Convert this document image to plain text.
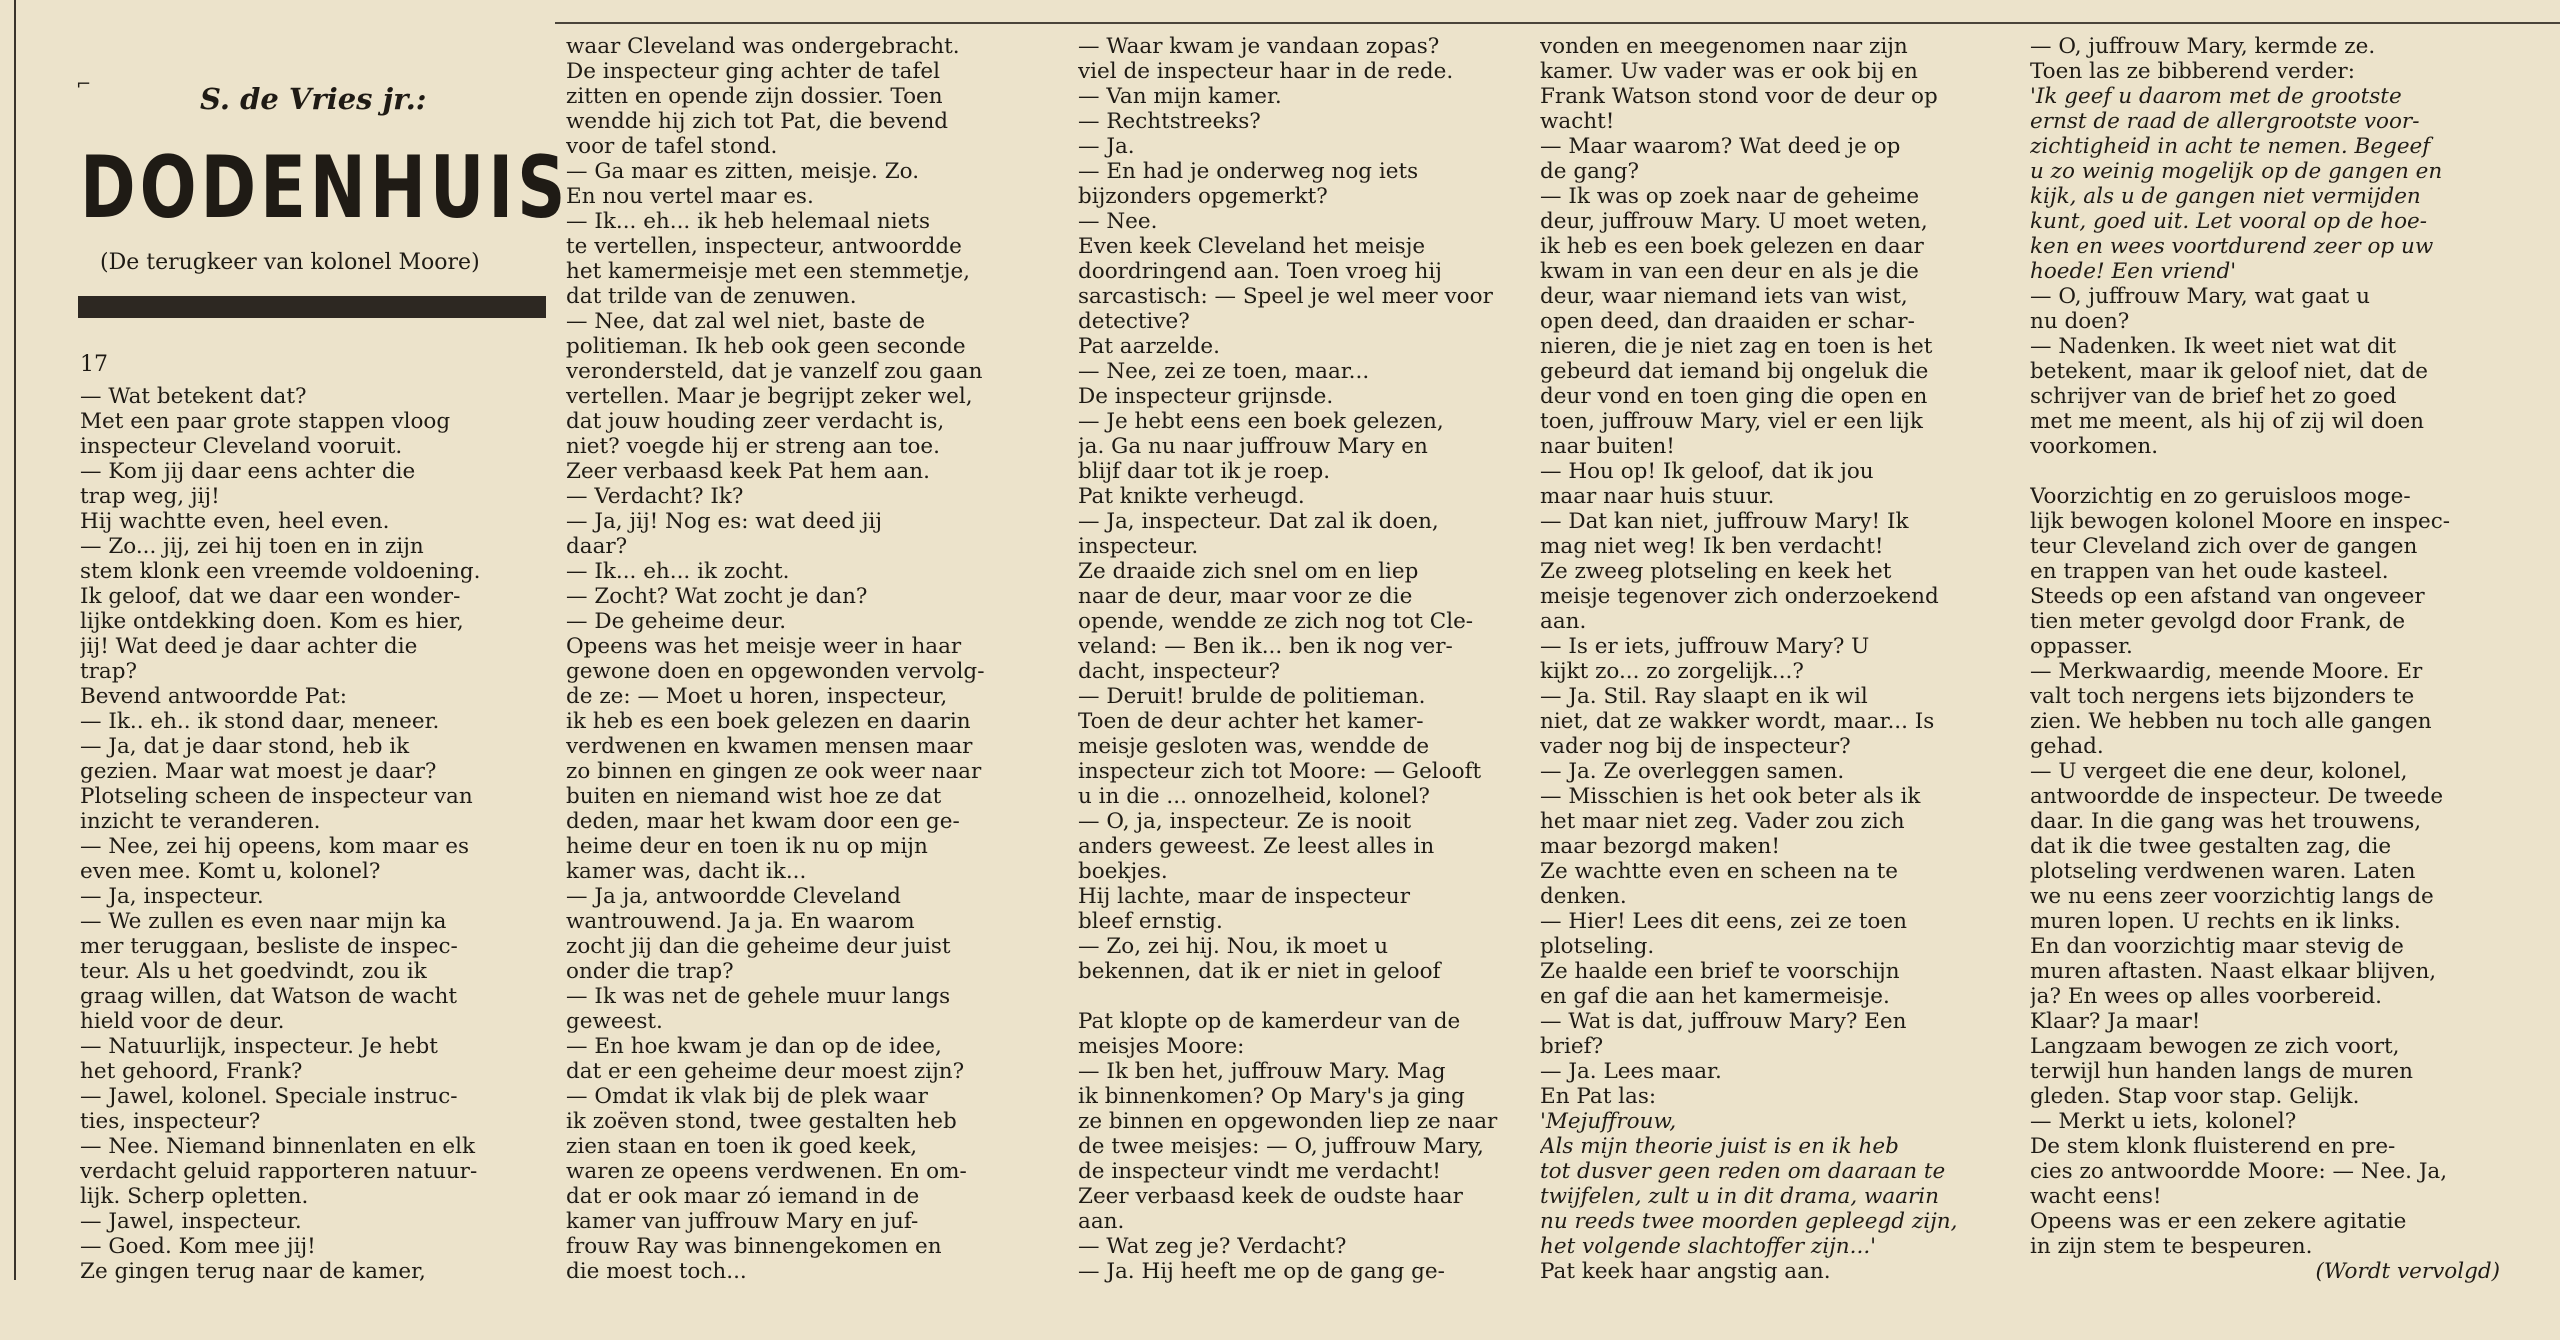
⌐	S. de Vries jr.:
DODENHUIS
(De terugkeer van kolonel Moore)
17

— Wat betekent dat?

Met een paar grote stappen vloog

inspecteur Cleveland vooruit.

— Kom jij daar eens achter die

trap weg, jij!

Hij wachtte even, heel even.

— Zo... jij, zei hij toen en in zijn

stem klonk een vreemde voldoening.

Ik geloof, dat we daar een wonder-

lijke ontdekking doen. Kom es hier,

jij! Wat deed je daar achter die

trap?

Bevend antwoordde Pat:

— Ik.. eh.. ik stond daar, meneer.

— Ja, dat je daar stond, heb ik

gezien. Maar wat moest je daar?

Plotseling scheen de inspecteur van

inzicht te veranderen.

— Nee, zei hij opeens, kom maar es

even mee. Komt u, kolonel?

— Ja, inspecteur.

— We zullen es even naar mijn ka

mer teruggaan, besliste de inspec-

teur. Als u het goedvindt, zou ik

graag willen, dat Watson de wacht

hield voor de deur.

— Natuurlijk, inspecteur. Je hebt

het gehoord, Frank?

— Jawel, kolonel. Speciale instruc-

ties, inspecteur?

— Nee. Niemand binnenlaten en elk

verdacht geluid rapporteren natuur-

lijk. Scherp opletten.

— Jawel, inspecteur.

— Goed. Kom mee jij!

Ze gingen terug naar de kamer,

waar Cleveland was ondergebracht.

De inspecteur ging achter de tafel

zitten en opende zijn dossier. Toen

wendde hij zich tot Pat, die bevend

voor de tafel stond.

— Ga maar es zitten, meisje. Zo.

En nou vertel maar es.

— Ik... eh... ik heb helemaal niets

te vertellen, inspecteur, antwoordde

het kamermeisje met een stemmetje,

dat trilde van de zenuwen.

— Nee, dat zal wel niet, baste de

politieman. Ik heb ook geen seconde

verondersteld, dat je vanzelf zou gaan

vertellen. Maar je begrijpt zeker wel,

dat jouw houding zeer verdacht is,

niet? voegde hij er streng aan toe.

Zeer verbaasd keek Pat hem aan.

— Verdacht? Ik?

— Ja, jij! Nog es: wat deed jij

daar?

— Ik... eh... ik zocht.

— Zocht? Wat zocht je dan?

— De geheime deur.

Opeens was het meisje weer in haar

gewone doen en opgewonden vervolg-

de ze: — Moet u horen, inspecteur,

ik heb es een boek gelezen en daarin

verdwenen en kwamen mensen maar

zo binnen en gingen ze ook weer naar

buiten en niemand wist hoe ze dat

deden, maar het kwam door een ge-

heime deur en toen ik nu op mijn

kamer was, dacht ik...

— Ja ja, antwoordde Cleveland

wantrouwend. Ja ja. En waarom

zocht jij dan die geheime deur juist

onder die trap?

— Ik was net de gehele muur langs

geweest.

— En hoe kwam je dan op de idee,

dat er een geheime deur moest zijn?

— Omdat ik vlak bij de plek waar

ik zoëven stond, twee gestalten heb

zien staan en toen ik goed keek,

waren ze opeens verdwenen. En om-

dat er ook maar zó iemand in de

kamer van juffrouw Mary en juf-

frouw Ray was binnengekomen en

die moest toch...

— Waar kwam je vandaan zopas?

viel de inspecteur haar in de rede.

— Van mijn kamer.

— Rechtstreeks?

— Ja.

— En had je onderweg nog iets

bijzonders opgemerkt?

— Nee.

Even keek Cleveland het meisje

doordringend aan. Toen vroeg hij

sarcastisch: — Speel je wel meer voor

detective?

Pat aarzelde.

— Nee, zei ze toen, maar...

De inspecteur grijnsde.

— Je hebt eens een boek gelezen,

ja. Ga nu naar juffrouw Mary en

blijf daar tot ik je roep.

Pat knikte verheugd.

— Ja, inspecteur. Dat zal ik doen,

inspecteur.

Ze draaide zich snel om en liep

naar de deur, maar voor ze die

opende, wendde ze zich nog tot Cle-

veland: — Ben ik... ben ik nog ver-

dacht, inspecteur?

— Deruit! brulde de politieman.

Toen de deur achter het kamer-

meisje gesloten was, wendde de

inspecteur zich tot Moore: — Gelooft

u in die ... onnozelheid, kolonel?

— O, ja, inspecteur. Ze is nooit

anders geweest. Ze leest alles in

boekjes.

Hij lachte, maar de inspecteur

bleef ernstig.

— Zo, zei hij. Nou, ik moet u

bekennen, dat ik er niet in geloof

Pat klopte op de kamerdeur van de

meisjes Moore:

— Ik ben het, juffrouw Mary. Mag

ik binnenkomen? Op Mary's ja ging

ze binnen en opgewonden liep ze naar

de twee meisjes: — O, juffrouw Mary,

de inspecteur vindt me verdacht!

Zeer verbaasd keek de oudste haar

aan.

— Wat zeg je? Verdacht?

— Ja. Hij heeft me op de gang ge-

vonden en meegenomen naar zijn

kamer. Uw vader was er ook bij en

Frank Watson stond voor de deur op

wacht!

— Maar waarom? Wat deed je op

de gang?

— Ik was op zoek naar de geheime

deur, juffrouw Mary. U moet weten,

ik heb es een boek gelezen en daar

kwam in van een deur en als je die

deur, waar niemand iets van wist,

open deed, dan draaiden er schar-

nieren, die je niet zag en toen is het

gebeurd dat iemand bij ongeluk die

deur vond en toen ging die open en

toen, juffrouw Mary, viel er een lijk

naar buiten!

— Hou op! Ik geloof, dat ik jou

maar naar huis stuur.

— Dat kan niet, juffrouw Mary! Ik

mag niet weg! Ik ben verdacht!

Ze zweeg plotseling en keek het

meisje tegenover zich onderzoekend

aan.

— Is er iets, juffrouw Mary? U

kijkt zo... zo zorgelijk...?

— Ja. Stil. Ray slaapt en ik wil

niet, dat ze wakker wordt, maar... Is

vader nog bij de inspecteur?

— Ja. Ze overleggen samen.

— Misschien is het ook beter als ik

het maar niet zeg. Vader zou zich

maar bezorgd maken!

Ze wachtte even en scheen na te

denken.

— Hier! Lees dit eens, zei ze toen

plotseling.

Ze haalde een brief te voorschijn

en gaf die aan het kamermeisje.

— Wat is dat, juffrouw Mary? Een

brief?

— Ja. Lees maar.

En Pat las:

'Mejuffrouw,

Als mijn theorie juist is en ik heb

tot dusver geen reden om daaraan te

twijfelen, zult u in dit drama, waarin

nu reeds twee moorden gepleegd zijn,

het volgende slachtoffer zijn...'

Pat keek haar angstig aan.

— O, juffrouw Mary, kermde ze.

Toen las ze bibberend verder:

'Ik geef u daarom met de grootste

ernst de raad de allergrootste voor-

zichtigheid in acht te nemen. Begeef

u zo weinig mogelijk op de gangen en

kijk, als u de gangen niet vermijden

kunt, goed uit. Let vooral op de hoe-

ken en wees voortdurend zeer op uw

hoede! Een vriend'

— O, juffrouw Mary, wat gaat u

nu doen?

— Nadenken. Ik weet niet wat dit

betekent, maar ik geloof niet, dat de

schrijver van de brief het zo goed

met me meent, als hij of zij wil doen

voorkomen.

Voorzichtig en zo geruisloos moge-

lijk bewogen kolonel Moore en inspec-

teur Cleveland zich over de gangen

en trappen van het oude kasteel.

Steeds op een afstand van ongeveer

tien meter gevolgd door Frank, de

oppasser.

— Merkwaardig, meende Moore. Er

valt toch nergens iets bijzonders te

zien. We hebben nu toch alle gangen

gehad.

— U vergeet die ene deur, kolonel,

antwoordde de inspecteur. De tweede

daar. In die gang was het trouwens,

dat ik die twee gestalten zag, die

plotseling verdwenen waren. Laten

we nu eens zeer voorzichtig langs de

muren lopen. U rechts en ik links.

En dan voorzichtig maar stevig de

muren aftasten. Naast elkaar blijven,

ja? En wees op alles voorbereid.

Klaar? Ja maar!

Langzaam bewogen ze zich voort,

terwijl hun handen langs de muren

gleden. Stap voor stap. Gelijk.

— Merkt u iets, kolonel?

De stem klonk fluisterend en pre-

cies zo antwoordde Moore: — Nee. Ja,

wacht eens!

Opeens was er een zekere agitatie

in zijn stem te bespeuren.

(Wordt vervolgd)
